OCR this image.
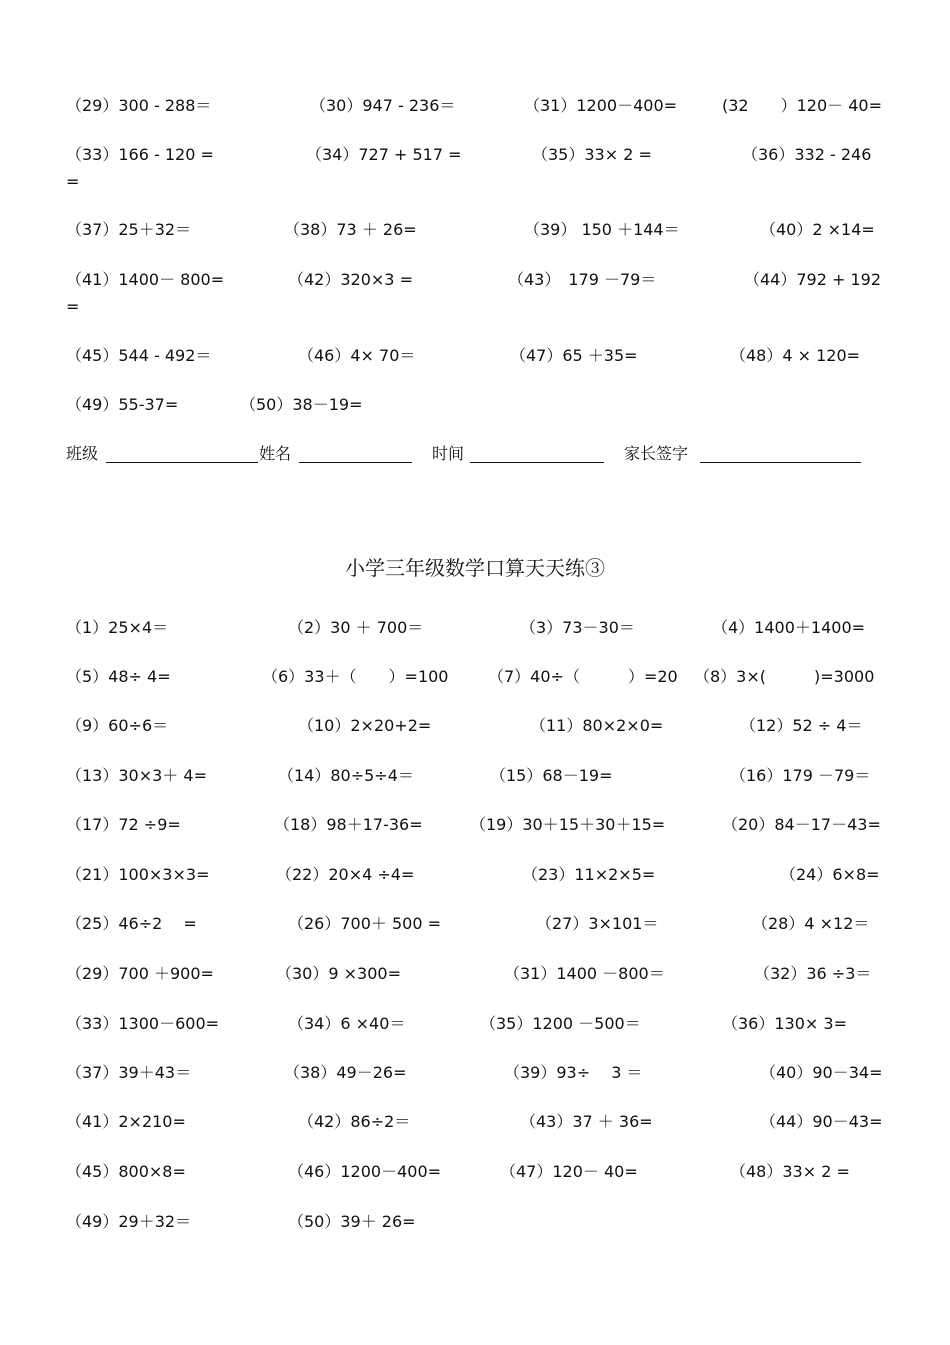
（29）300 - 288＝	（30）947 - 236＝	（31）1200－400=	(32　　）120－ 40=
（33）166 - 120 =	（34）727 + 517 =	（35）33× 2 =	（36）332 - 246
=
（37）25＋32＝	（38）73 ＋ 26=	（39） 150 ＋144＝	（40）2 ×14=
（41）1400－ 800=	（42）320×3 =	（43）　179 －79＝	（44）792 + 192
=
（45）544 - 492＝	（46）4× 70＝	（47）65 ＋35=	（48）4 × 120=
（49）55-37=	（50）38－19=
班级	姓名	时间	家长签字
小学三年级数学口算天天练③
（1）25×4＝	（2）30 ＋ 700＝	（3）73－30＝	（4）1400＋1400=
（5）48÷ 4=	（6）33＋（　　）=100 （7）40÷（　　　）=20 （8）3×(　　　)=3000
（9）60÷6＝	（10）2×20+2=	（11）80×2×0=	（12）52 ÷ 4＝
（13）30×3＋ 4=	（14）80÷5÷4＝	（15）68－19=	（16）179 －79＝
（17）72 ÷9=	（18）98＋17-36=	（19）30＋15＋30＋15=	（20）84－17－43=
（21）100×3×3=	（22）20×4 ÷4=	（23）11×2×5=	（24）6×8=
（25）46÷2　 =	（26）700＋ 500 =	（27）3×101＝	（28）4 ×12＝
（29）700 ＋900=	（30）9 ×300=	（31）1400 －800＝	（32）36 ÷3＝
（33）1300－600=	（34）6 ×40＝	（35）1200 －500＝	（36）130× 3=
（37）39＋43＝	（38）49－26=	（39）93÷　 3 ＝	（40）90－34=
（41）2×210=	（42）86÷2＝	（43）37 ＋ 36=	（44）90－43=
（45）800×8=	（46）1200－400=	（47）120－ 40=	（48）33× 2 =
（49）29＋32＝	（50）39＋ 26=
